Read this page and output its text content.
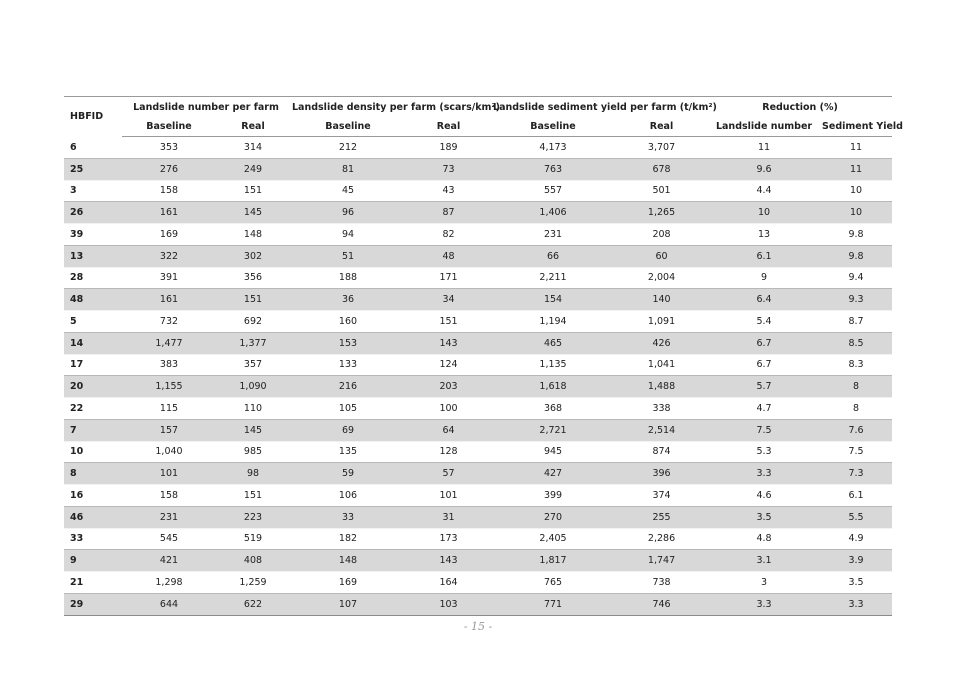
HBFID	Landslide number per farm		Landslide density per farm (scars/km²)		Landslide sediment yield per farm (t/km²)		Reduction (%)	
	Baseline	Real	Baseline	Real	Baseline	Real	Landslide number	Sediment Yield
6	353	314	212	189	4,173	3,707	11	11
25	276	249	81	73	763	678	9.6	11
3	158	151	45	43	557	501	4.4	10
26	161	145	96	87	1,406	1,265	10	10
39	169	148	94	82	231	208	13	9.8
13	322	302	51	48	66	60	6.1	9.8
28	391	356	188	171	2,211	2,004	9	9.4
48	161	151	36	34	154	140	6.4	9.3
5	732	692	160	151	1,194	1,091	5.4	8.7
14	1,477	1,377	153	143	465	426	6.7	8.5
17	383	357	133	124	1,135	1,041	6.7	8.3
20	1,155	1,090	216	203	1,618	1,488	5.7	8
22	115	110	105	100	368	338	4.7	8
7	157	145	69	64	2,721	2,514	7.5	7.6
10	1,040	985	135	128	945	874	5.3	7.5
8	101	98	59	57	427	396	3.3	7.3
16	158	151	106	101	399	374	4.6	6.1
46	231	223	33	31	270	255	3.5	5.5
33	545	519	182	173	2,405	2,286	4.8	4.9
9	421	408	148	143	1,817	1,747	3.1	3.9
21	1,298	1,259	169	164	765	738	3	3.5
29	644	622	107	103	771	746	3.3	3.3
- 15 -
